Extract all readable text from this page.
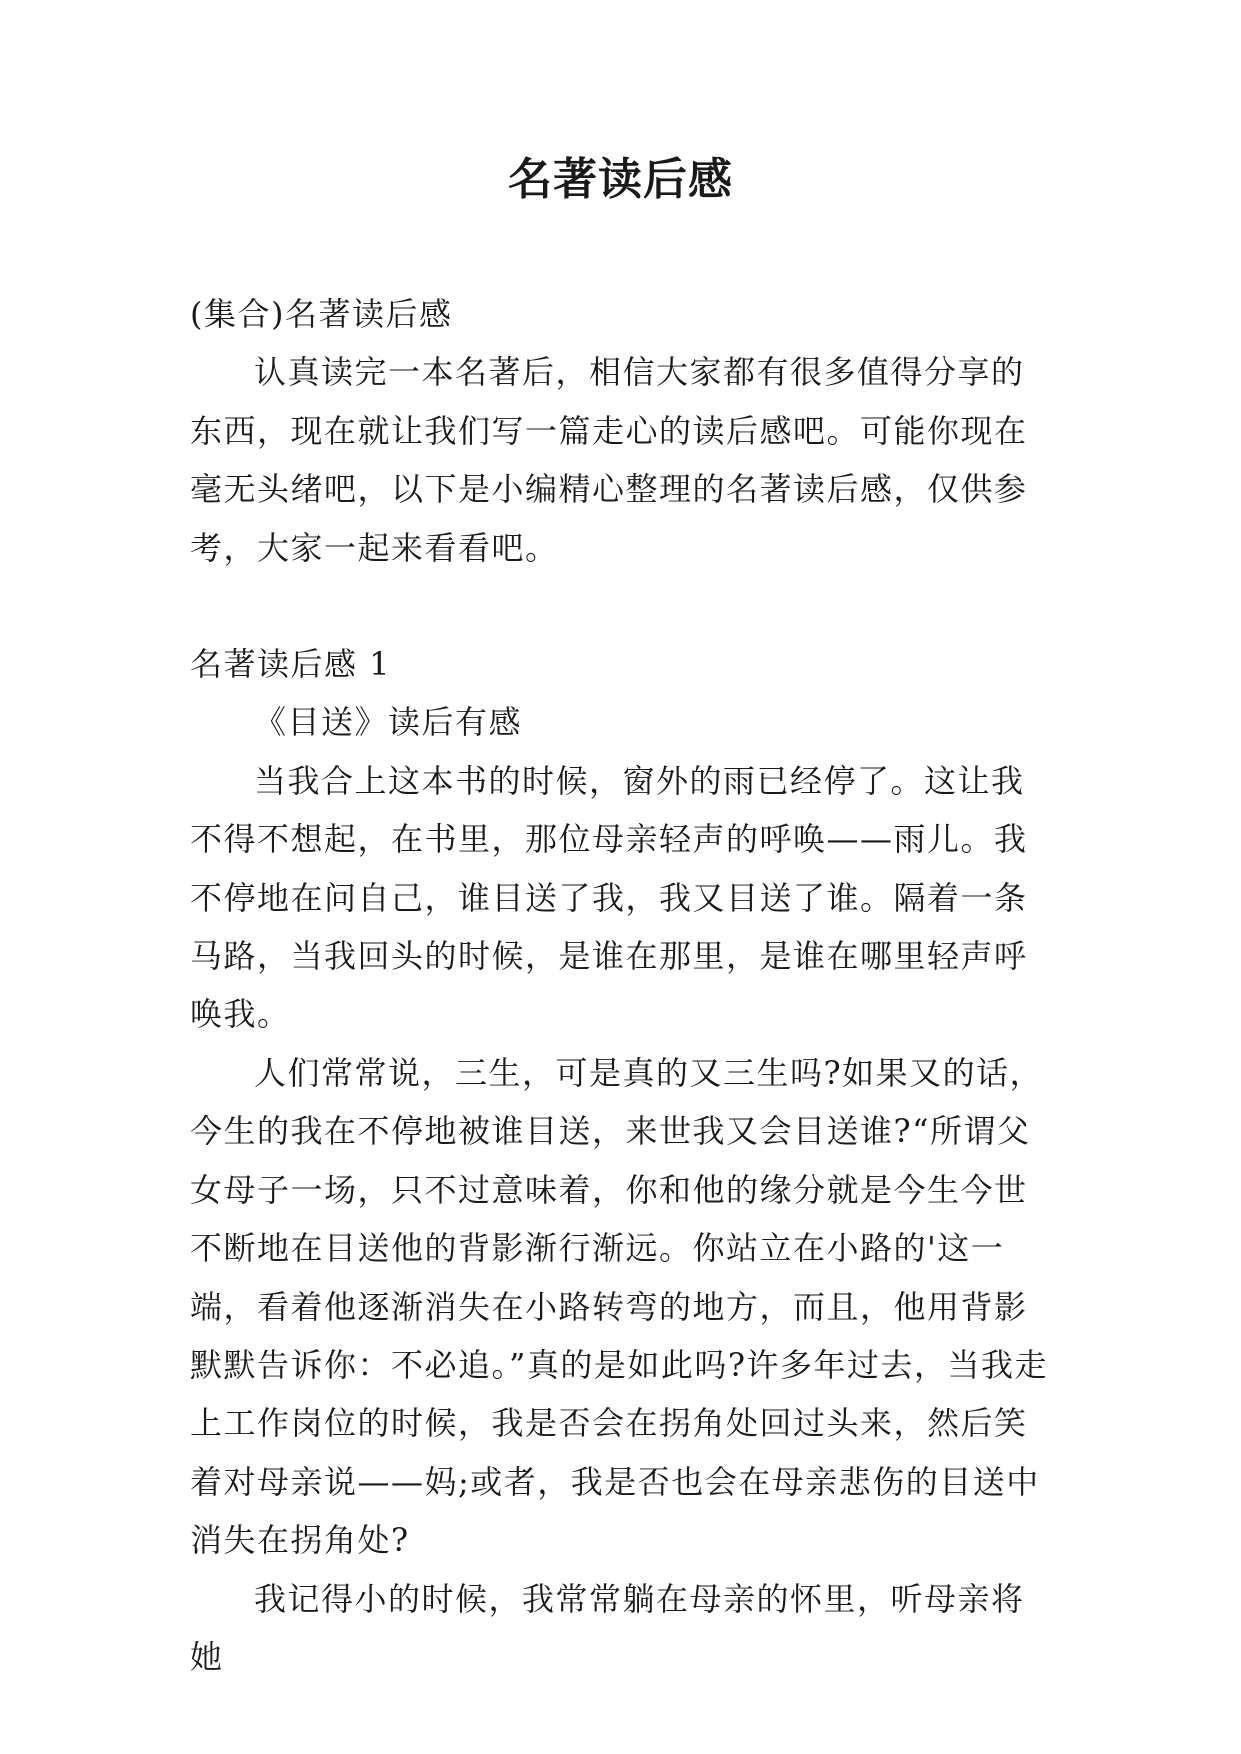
名著读后感

(集合)名著读后感

认真读完一本名著后，相信大家都有很多值得分享的东西，现在就让我们写一篇走心的读后感吧。可能你现在毫无头绪吧，以下是小编精心整理的名著读后感，仅供参考，大家一起来看看吧。

名著读后感 1

《目送》读后有感

当我合上这本书的时候，窗外的雨已经停了。这让我不得不想起，在书里，那位母亲轻声的呼唤——雨儿。我不停地在问自己，谁目送了我，我又目送了谁。隔着一条马路，当我回头的时候，是谁在那里，是谁在哪里轻声呼唤我。

人们常常说，三生，可是真的又三生吗?如果又的话，今生的我在不停地被谁目送，来世我又会目送谁?“所谓父女母子一场，只不过意味着，你和他的缘分就是今生今世不断地在目送他的背影渐行渐远。你站立在小路的'这一端，看着他逐渐消失在小路转弯的地方，而且，他用背影默默告诉你：不必追。”真的是如此吗?许多年过去，当我走上工作岗位的时候，我是否会在拐角处回过头来，然后笑着对母亲说——妈;或者，我是否也会在母亲悲伤的目送中消失在拐角处?

我记得小的时候，我常常躺在母亲的怀里，听母亲将她
